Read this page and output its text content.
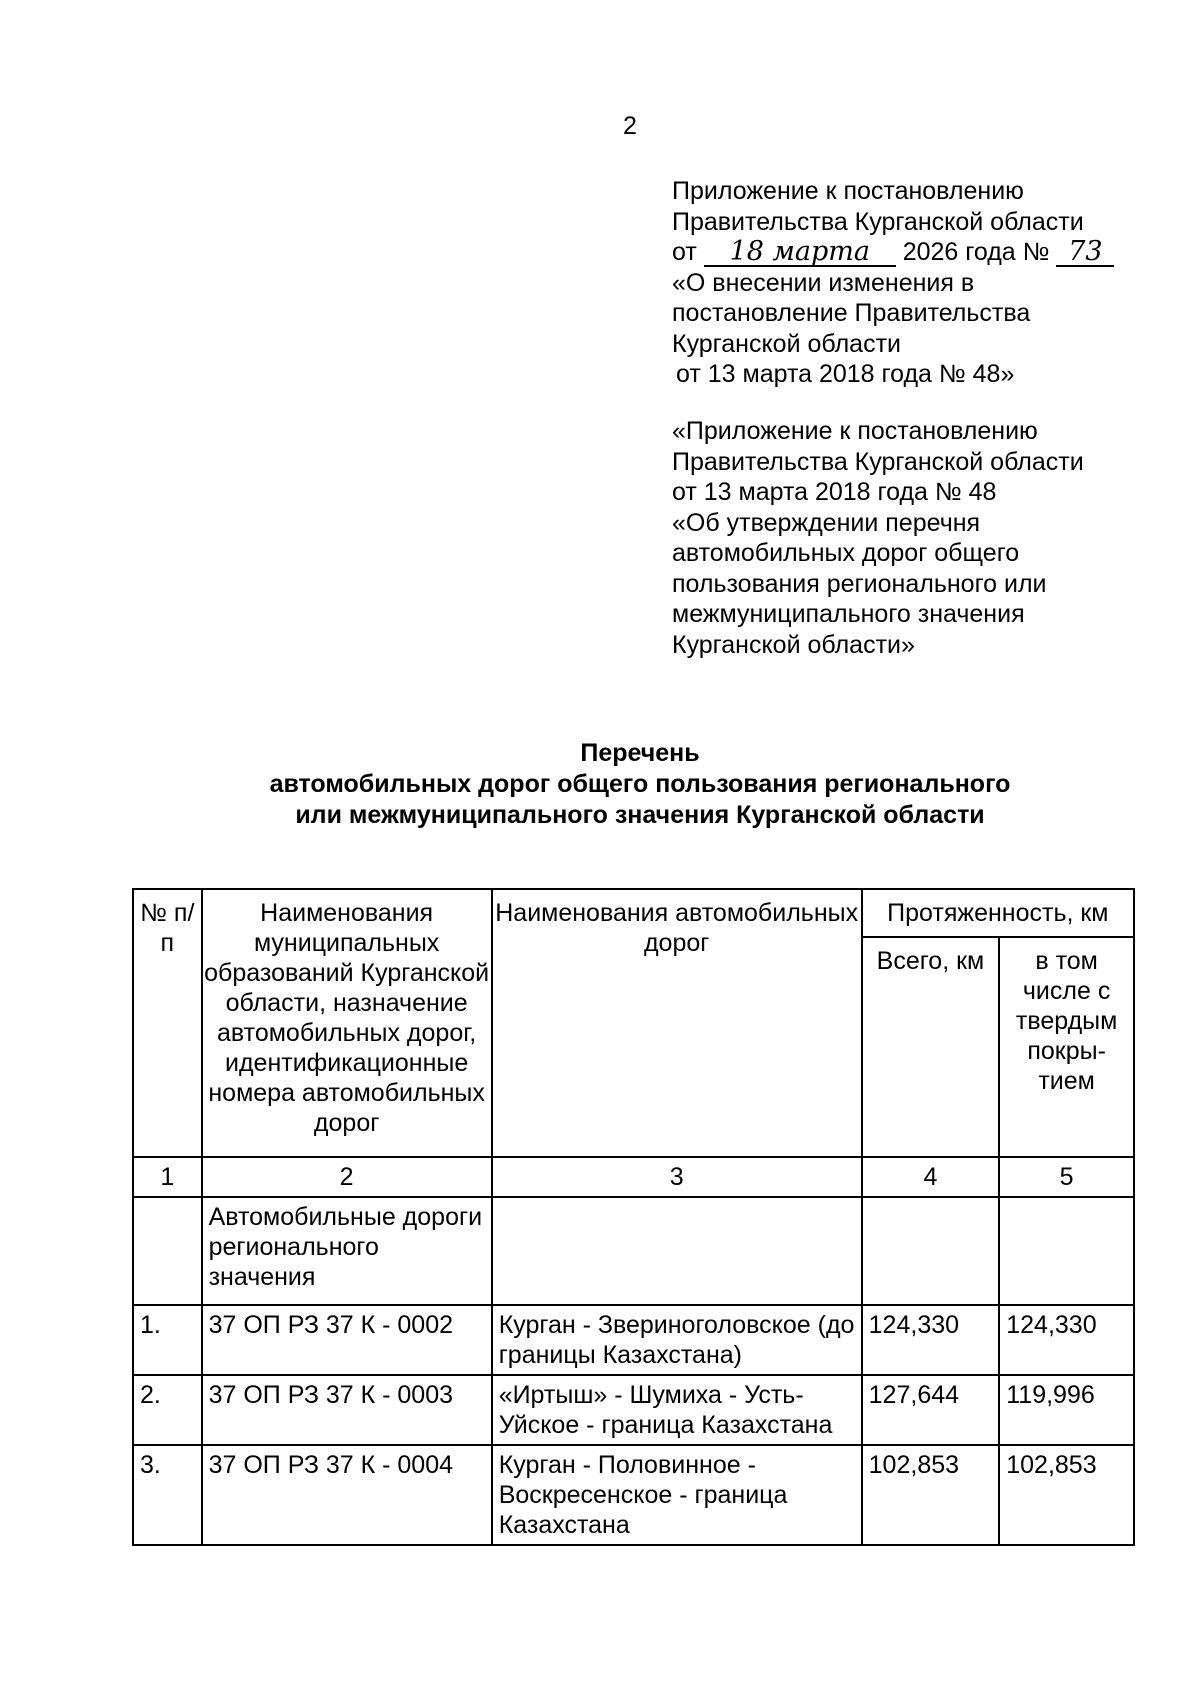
2
Приложение к постановлению
Правительства Курганской области
от 18 марта 2026 года № 73
«О внесении изменения в
постановление Правительства
Курганской области
от 13 марта 2018 года № 48»
«Приложение к постановлению
Правительства Курганской области
от 13 марта 2018 года № 48
«Об утверждении перечня
автомобильных дорог общего
пользования регионального или
межмуниципального значения
Курганской области»
Перечень
автомобильных дорог общего пользования регионального
или межмуниципального значения Курганской области
№ п/п	Наименования муниципальных образований Курганской области, назначение автомобильных дорог, идентификационные номера автомобильных дорог	Наименования автомобильных дорог	Протяженность, км	
			Всего, км	в том числе с твердым покры-тием
1	2	3	4	5
	Автомобильные дороги регионального значения			
1.	37 ОП РЗ 37 К - 0002	Курган - Звериноголовское (до границы Казахстана)	124,330	124,330
2.	37 ОП РЗ 37 К - 0003	«Иртыш» - Шумиха - Усть-Уйское - граница Казахстана	127,644	119,996
3.	37 ОП РЗ 37 К - 0004	Курган - Половинное - Воскресенское - граница Казахстана	102,853	102,853
